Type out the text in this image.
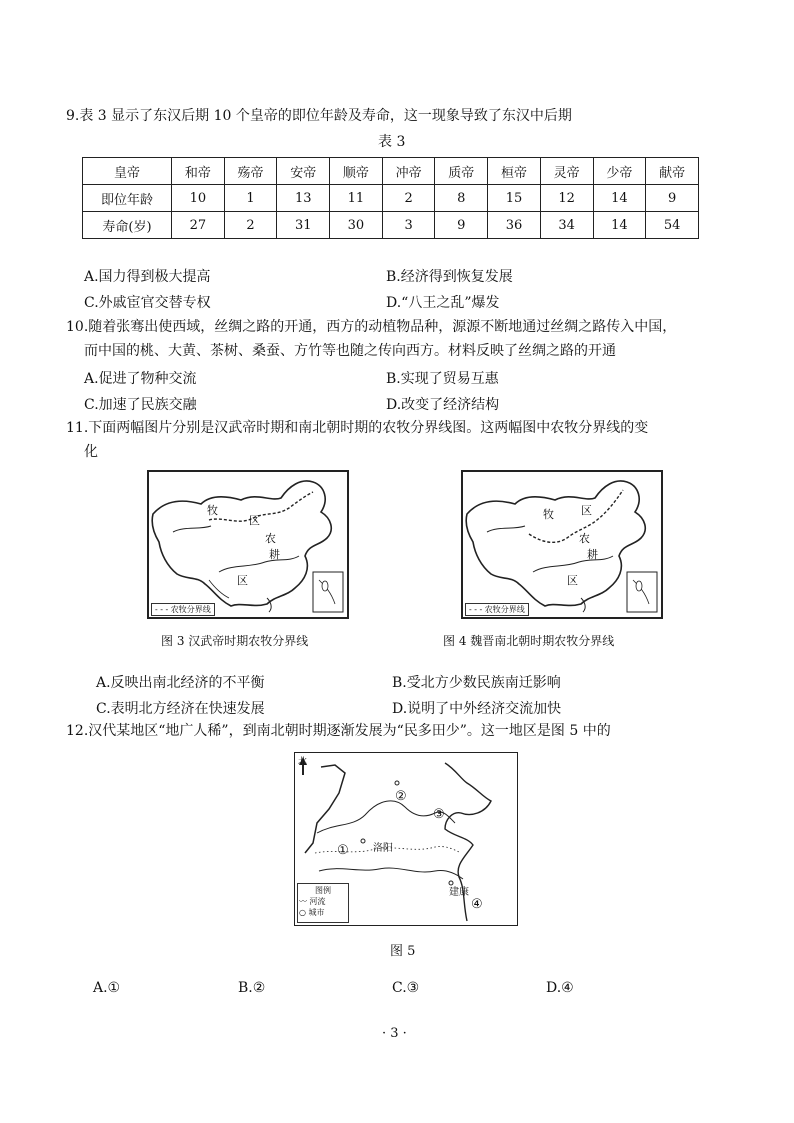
9.表 3 显示了东汉后期 10 个皇帝的即位年龄及寿命，这一现象导致了东汉中后期
表 3
皇帝	和帝	殇帝	安帝	顺帝	冲帝	质帝	桓帝	灵帝	少帝	献帝
即位年龄	10	1	13	11	2	8	15	12	14	9
寿命(岁)	27	2	31	30	3	9	36	34	14	54
A.国力得到极大提高	B.经济得到恢复发展
C.外戚宦官交替专权	D.“八王之乱”爆发
10.随着张骞出使西域，丝绸之路的开通，西方的动植物品种，源源不断地通过丝绸之路传入中国，
而中国的桃、大黄、茶树、桑蚕、方竹等也随之传向西方。材料反映了丝绸之路的开通
A.促进了物种交流	B.实现了贸易互惠
C.加速了民族交融	D.改变了经济结构
11.下面两幅图片分别是汉武帝时期和南北朝时期的农牧分界线图。这两幅图中农牧分界线的变
化
牧
区
农
耕
区
- - - 农牧分界线
图 3 汉武帝时期农牧分界线
牧 区
农
耕
区
- - - 农牧分界线
图 4 魏晋南北朝时期农牧分界线
A.反映出南北经济的不平衡	B.受北方少数民族南迁影响
C.表明北方经济在快速发展	D.说明了中外经济交流加快
12.汉代某地区“地广人稀”，到南北朝时期逐渐发展为“民多田少”。这一地区是图 5 中的
北
洛阳
建康
①
②
③
④
图例
〰 河流
○ 城市
图 5
A.①	B.②	C.③	D.④
· 3 ·
